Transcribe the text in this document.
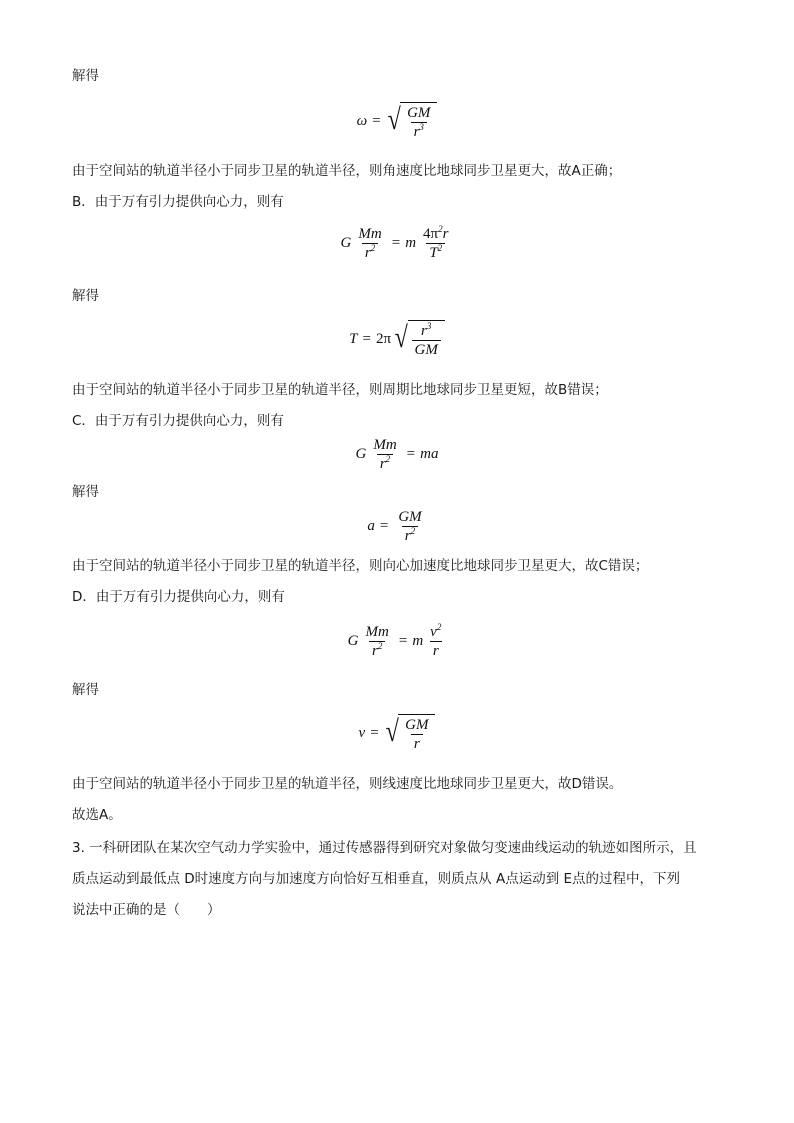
解得
ω = √ $\frac{GM}{r^3}$
由于空间站的轨道半径小于同步卫星的轨道半径，则角速度比地球同步卫星更大，故A正确；
B．由于万有引力提供向心力，则有
G $\frac{Mm}{r^2} = m \frac{4\pi^2r}{T^2}$
解得
T = 2π √ $\frac{r^3}{GM}$
由于空间站的轨道半径小于同步卫星的轨道半径，则周期比地球同步卫星更短，故B错误；
C．由于万有引力提供向心力，则有
G $\frac{Mm}{r^2}$ = ma
解得
$a = \frac{GM}{r^2}$
由于空间站的轨道半径小于同步卫星的轨道半径，则向心加速度比地球同步卫星更大，故C错误；
D．由于万有引力提供向心力，则有
G $\frac{Mm}{r^2} = m \frac{v^2}{r}$
解得
v = √ $\frac{GM}{r}$
由于空间站的轨道半径小于同步卫星的轨道半径，则线速度比地球同步卫星更大，故D错误。
故选A。
3. 一科研团队在某次空气动力学实验中，通过传感器得到研究对象做匀变速曲线运动的轨迹如图所示，且
质点运动到最低点 D时速度方向与加速度方向恰好互相垂直，则质点从 A点运动到 E点的过程中，下列
说法中正确的是（　　）
